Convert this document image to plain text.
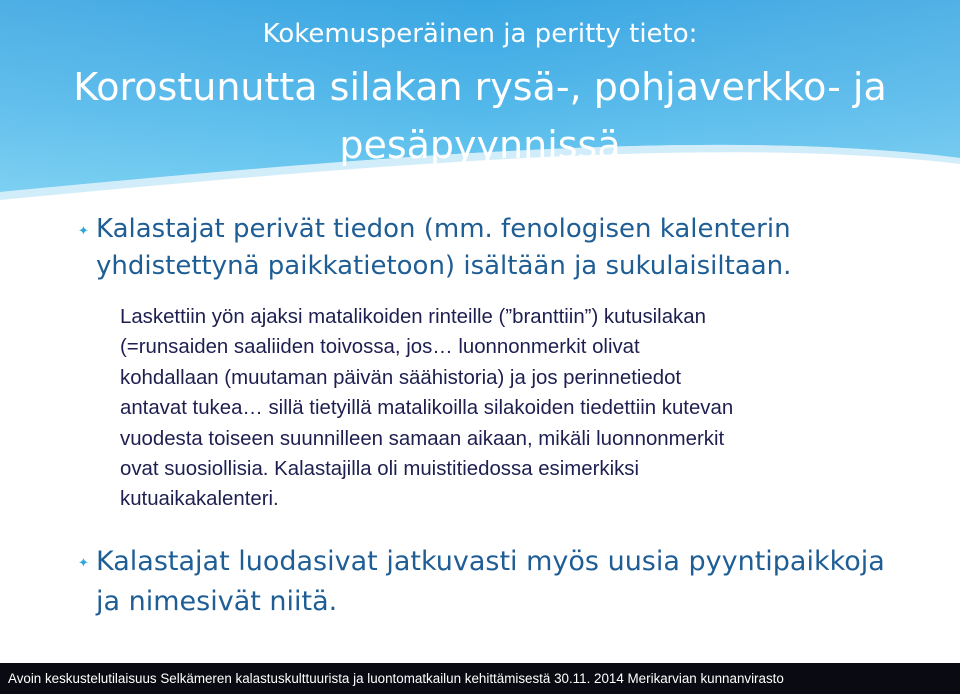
Kokemusperäinen ja peritty tieto:
Korostunutta silakan rysä-, pohjaverkko- ja
pesäpyynnissä
✦ Kalastajat perivät tiedon (mm. fenologisen kalenterin
yhdistettynä paikkatietoon) isältään ja sukulaisiltaan.

Laskettiin yön ajaksi matalikoiden rinteille (”branttiin”) kutusilakan
(=runsaiden saaliiden toivossa, jos… luonnonmerkit olivat
kohdallaan (muutaman päivän säähistoria) ja jos perinnetiedot
antavat tukea… sillä tietyillä matalikoilla silakoiden tiedettiin kutevan
vuodesta toiseen suunnilleen samaan aikaan, mikäli luonnonmerkit
ovat suosiollisia. Kalastajilla oli muistitiedossa esimerkiksi
kutuaikakalenteri.

✦ Kalastajat luodasivat jatkuvasti myös uusia pyyntipaikkoja
ja nimesivät niitä.

Avoin keskustelutilaisuus Selkämeren kalastuskulttuurista ja luontomatkailun kehittämisestä 30.11. 2014 Merikarvian kunnanvirasto
